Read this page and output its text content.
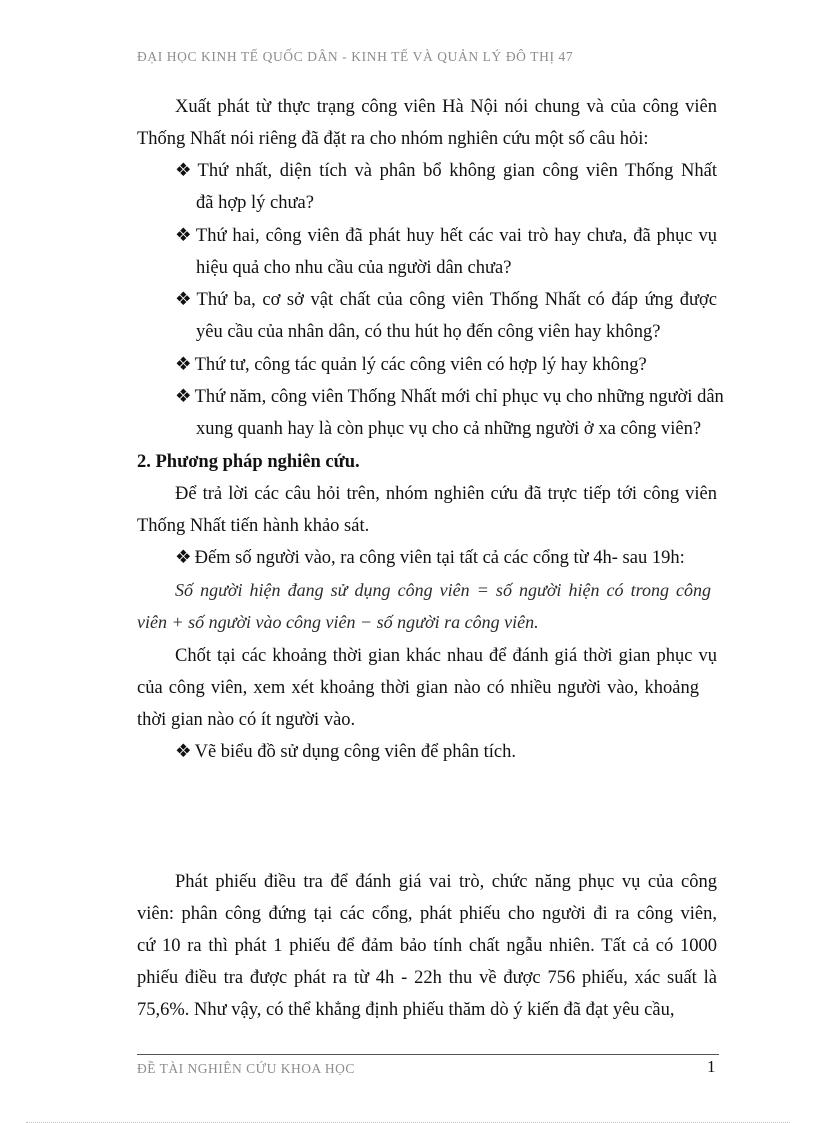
ĐẠI HỌC KINH TẾ QUỐC DÂN - KINH TẾ VÀ QUẢN LÝ ĐÔ THỊ 47
Xuất phát từ thực trạng công viên Hà Nội nói chung và của công viên
Thống Nhất nói riêng đã đặt ra cho nhóm nghiên cứu một số câu hỏi:
❖ Thứ nhất, diện tích và phân bổ không gian công viên Thống Nhất
đã hợp lý chưa?
❖ Thứ hai, công viên đã phát huy hết các vai trò hay chưa, đã phục vụ
hiệu quả cho nhu cầu của người dân chưa?
❖ Thứ ba, cơ sở vật chất của công viên Thống Nhất có đáp ứng được
yêu cầu của nhân dân, có thu hút họ đến công viên hay không?
❖ Thứ tư, công tác quản lý các công viên có hợp lý hay không?
❖ Thứ năm, công viên Thống Nhất mới chỉ phục vụ cho những người dân
xung quanh hay là còn phục vụ cho cả những người ở xa công viên?
2. Phương pháp nghiên cứu.
Để trả lời các câu hỏi trên, nhóm nghiên cứu đã trực tiếp tới công viên
Thống Nhất tiến hành khảo sát.
❖ Đếm số người vào, ra công viên tại tất cả các cổng từ 4h- sau 19h:
Số người hiện đang sử dụng công viên = số người hiện có trong công
viên + số người vào công viên − số người ra công viên.
Chốt tại các khoảng thời gian khác nhau để đánh giá thời gian phục vụ
của công viên, xem xét khoảng thời gian nào có nhiều người vào, khoảng
thời gian nào có ít người vào.
❖ Vẽ biểu đồ sử dụng công viên để phân tích.
Phát phiếu điều tra để đánh giá vai trò, chức năng phục vụ của công
viên: phân công đứng tại các cổng, phát phiếu cho người đi ra công viên,
cứ 10 ra thì phát 1 phiếu để đảm bảo tính chất ngẫu nhiên. Tất cả có 1000
phiếu điều tra được phát ra từ 4h - 22h thu về được 756 phiếu, xác suất là
75,6%. Như vậy, có thể khẳng định phiếu thăm dò ý kiến đã đạt yêu cầu,
ĐỀ TÀI NGHIÊN CỨU KHOA HỌC	1
